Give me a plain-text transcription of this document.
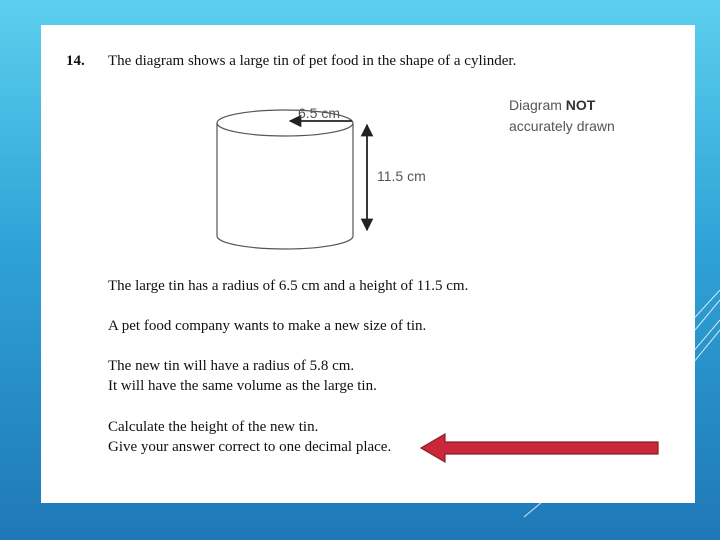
14. The diagram shows a large tin of pet food in the shape of a cylinder.
Diagram NOT
accurately drawn
6.5 cm
11.5 cm
The large tin has a radius of 6.5 cm and a height of 11.5 cm.
A pet food company wants to make a new size of tin.
The new tin will have a radius of 5.8 cm.
It will have the same volume as the large tin.
Calculate the height of the new tin.
Give your answer correct to one decimal place.
